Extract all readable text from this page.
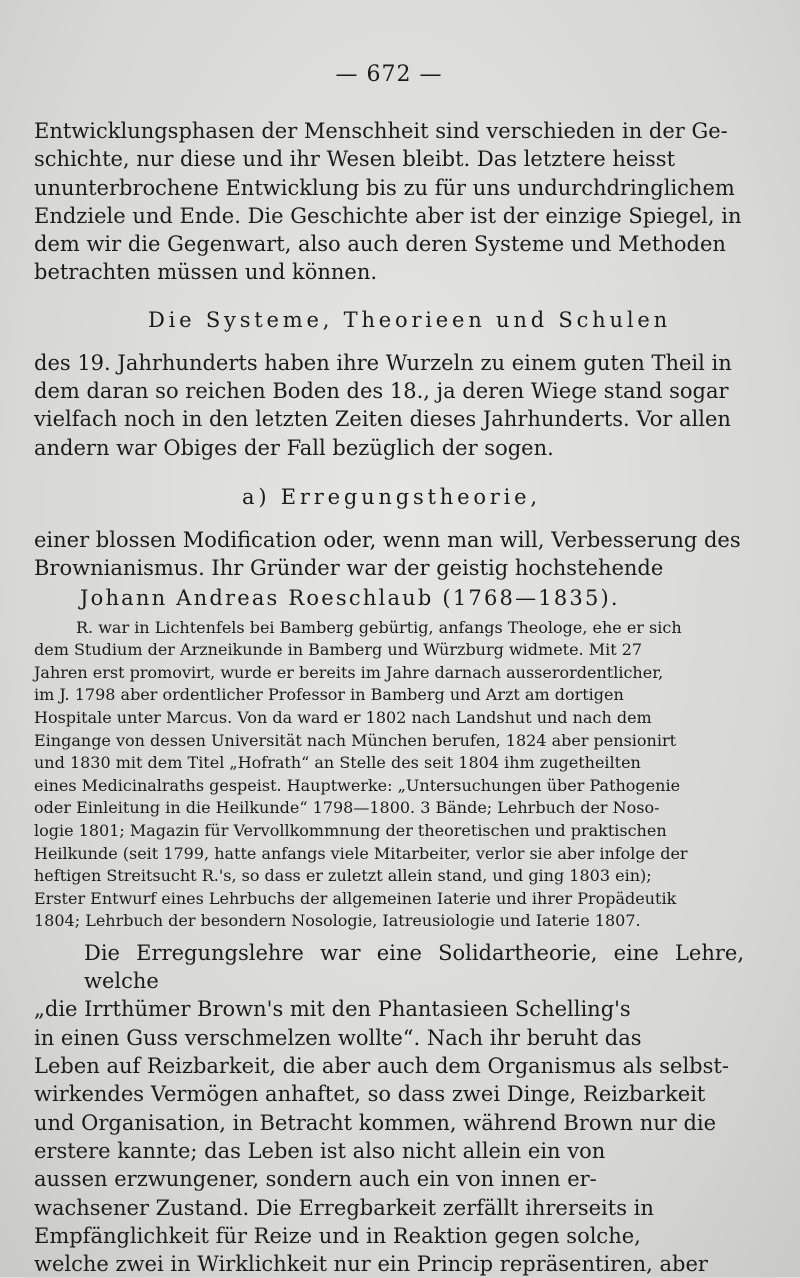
— 672 —
Entwicklungsphasen der Menschheit sind verschieden in der Ge-
schichte, nur diese und ihr Wesen bleibt. Das letztere heisst
ununterbrochene Entwicklung bis zu für uns undurchdringlichem
Endziele und Ende. Die Geschichte aber ist der einzige Spiegel, in
dem wir die Gegenwart, also auch deren Systeme und Methoden
betrachten müssen und können.
Die Systeme, Theorieen und Schulen
des 19. Jahrhunderts haben ihre Wurzeln zu einem guten Theil in
dem daran so reichen Boden des 18., ja deren Wiege stand sogar
vielfach noch in den letzten Zeiten dieses Jahrhunderts. Vor allen
andern war Obiges der Fall bezüglich der sogen.
a) Erregungstheorie,
einer blossen Modification oder, wenn man will, Verbesserung des
Brownianismus. Ihr Gründer war der geistig hochstehende
Johann Andreas Roeschlaub (1768—1835).
R. war in Lichtenfels bei Bamberg gebürtig, anfangs Theologe, ehe er sich
dem Studium der Arzneikunde in Bamberg und Würzburg widmete. Mit 27
Jahren erst promovirt, wurde er bereits im Jahre darnach ausserordentlicher,
im J. 1798 aber ordentlicher Professor in Bamberg und Arzt am dortigen
Hospitale unter Marcus. Von da ward er 1802 nach Landshut und nach dem
Eingange von dessen Universität nach München berufen, 1824 aber pensionirt
und 1830 mit dem Titel „Hofrath“ an Stelle des seit 1804 ihm zugetheilten
eines Medicinalraths gespeist. Hauptwerke: „Untersuchungen über Pathogenie
oder Einleitung in die Heilkunde“ 1798—1800. 3 Bände; Lehrbuch der Noso-
logie 1801; Magazin für Vervollkommnung der theoretischen und praktischen
Heilkunde (seit 1799, hatte anfangs viele Mitarbeiter, verlor sie aber infolge der
heftigen Streitsucht R.'s, so dass er zuletzt allein stand, und ging 1803 ein);
Erster Entwurf eines Lehrbuchs der allgemeinen Iaterie und ihrer Propädeutik
1804; Lehrbuch der besondern Nosologie, Iatreusiologie und Iaterie 1807.
Die Erregungslehre war eine Solidartheorie, eine Lehre, welche
„die Irrthümer Brown's mit den Phantasieen Schelling's
in einen Guss verschmelzen wollte“. Nach ihr beruht das
Leben auf Reizbarkeit, die aber auch dem Organismus als selbst-
wirkendes Vermögen anhaftet, so dass zwei Dinge, Reizbarkeit
und Organisation, in Betracht kommen, während Brown nur die
erstere kannte; das Leben ist also nicht allein ein von
aussen erzwungener, sondern auch ein von innen er-
wachsener Zustand. Die Erregbarkeit zerfällt ihrerseits in
Empfänglichkeit für Reize und in Reaktion gegen solche,
welche zwei in Wirklichkeit nur ein Princip repräsentiren, aber
